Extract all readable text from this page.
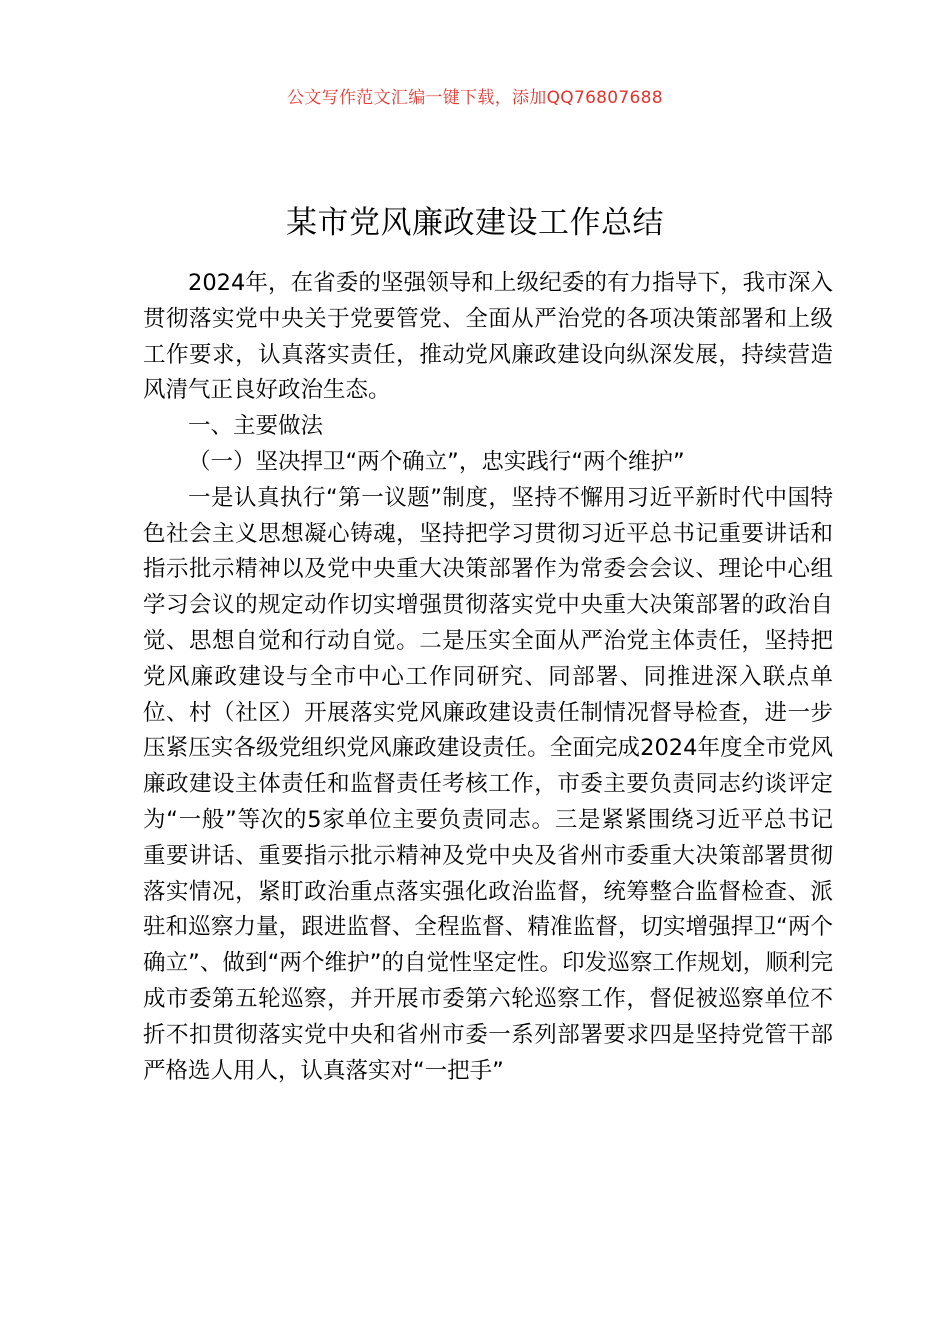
公文写作范文汇编一键下载，添加QQ76807688
某市党风廉政建设工作总结

2024年，在省委的坚强领导和上级纪委的有力指导下，我市深入贯彻落实党中央关于党要管党、全面从严治党的各项决策部署和上级工作要求，认真落实责任，推动党风廉政建设向纵深发展，持续营造风清气正良好政治生态。

一、主要做法

（一）坚决捍卫“两个确立”，忠实践行“两个维护”

一是认真执行“第一议题”制度，坚持不懈用习近平新时代中国特色社会主义思想凝心铸魂，坚持把学习贯彻习近平总书记重要讲话和指示批示精神以及党中央重大决策部署作为常委会会议、理论中心组学习会议的规定动作切实增强贯彻落实党中央重大决策部署的政治自觉、思想自觉和行动自觉。二是压实全面从严治党主体责任，坚持把党风廉政建设与全市中心工作同研究、同部署、同推进深入联点单位、村（社区）开展落实党风廉政建设责任制情况督导检查，进一步压紧压实各级党组织党风廉政建设责任。全面完成2024年度全市党风廉政建设主体责任和监督责任考核工作，市委主要负责同志约谈评定为“一般”等次的5家单位主要负责同志。三是紧紧围绕习近平总书记重要讲话、重要指示批示精神及党中央及省州市委重大决策部署贯彻落实情况，紧盯政治重点落实强化政治监督，统筹整合监督检查、派驻和巡察力量，跟进监督、全程监督、精准监督，切实增强捍卫“两个确立”、做到“两个维护”的自觉性坚定性。印发巡察工作规划，顺利完成市委第五轮巡察，并开展市委第六轮巡察工作，督促被巡察单位不折不扣贯彻落实党中央和省州市委一系列部署要求四是坚持党管干部严格选人用人，认真落实对“一把手”
